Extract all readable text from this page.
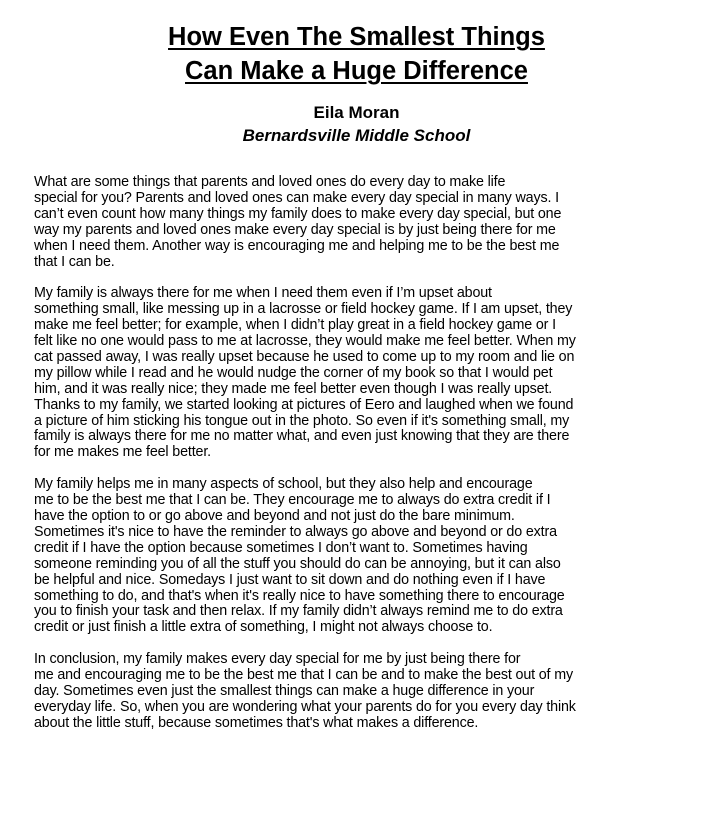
How Even The Smallest Things
Can Make a Huge Difference
Eila Moran
Bernardsville Middle School
What are some things that parents and loved ones do every day to make life
special for you? Parents and loved ones can make every day special in many ways. I
can’t even count how many things my family does to make every day special, but one
way my parents and loved ones make every day special is by just being there for me
when I need them. Another way is encouraging me and helping me to be the best me
that I can be.
My family is always there for me when I need them even if I’m upset about
something small, like messing up in a lacrosse or field hockey game. If I am upset, they
make me feel better; for example, when I didn’t play great in a field hockey game or I
felt like no one would pass to me at lacrosse, they would make me feel better. When my
cat passed away, I was really upset because he used to come up to my room and lie on
my pillow while I read and he would nudge the corner of my book so that I would pet
him, and it was really nice; they made me feel better even though I was really upset.
Thanks to my family, we started looking at pictures of Eero and laughed when we found
a picture of him sticking his tongue out in the photo. So even if it's something small, my
family is always there for me no matter what, and even just knowing that they are there
for me makes me feel better.
My family helps me in many aspects of school, but they also help and encourage
me to be the best me that I can be. They encourage me to always do extra credit if I
have the option to or go above and beyond and not just do the bare minimum.
Sometimes it's nice to have the reminder to always go above and beyond or do extra
credit if I have the option because sometimes I don’t want to. Sometimes having
someone reminding you of all the stuff you should do can be annoying, but it can also
be helpful and nice. Somedays I just want to sit down and do nothing even if I have
something to do, and that's when it's really nice to have something there to encourage
you to finish your task and then relax. If my family didn’t always remind me to do extra
credit or just finish a little extra of something, I might not always choose to.
In conclusion, my family makes every day special for me by just being there for
me and encouraging me to be the best me that I can be and to make the best out of my
day. Sometimes even just the smallest things can make a huge difference in your
everyday life. So, when you are wondering what your parents do for you every day think
about the little stuff, because sometimes that's what makes a difference.
